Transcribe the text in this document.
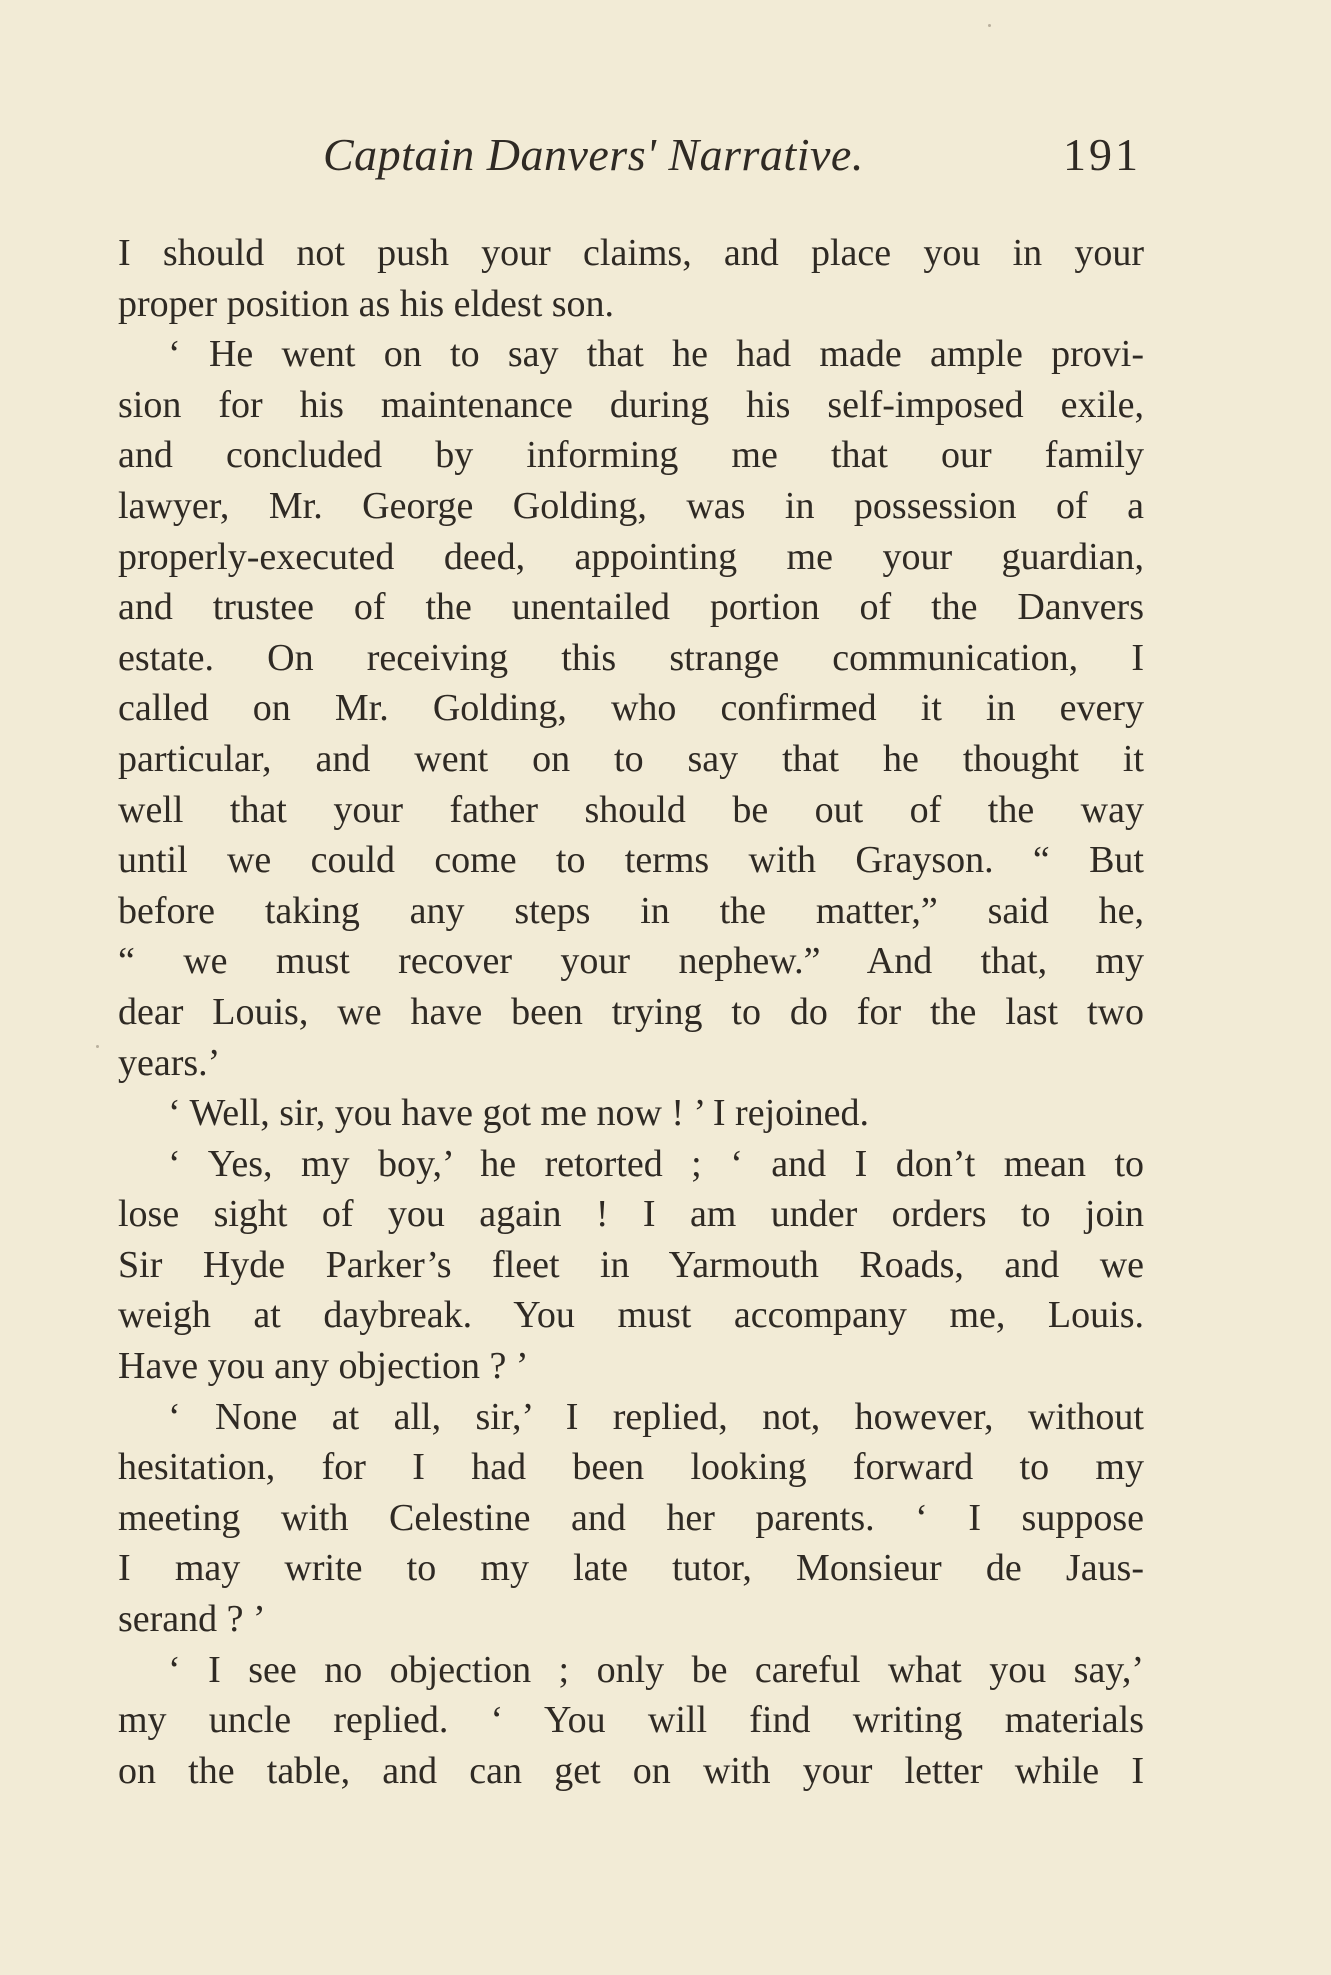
Captain Danvers' Narrative.	191
I should not push your claims, and place you in your
proper position as his eldest son.
‘ He went on to say that he had made ample provi-
sion for his maintenance during his self-imposed exile,
and concluded by informing me that our family
lawyer, Mr. George Golding, was in possession of a
properly-executed deed, appointing me your guardian,
and trustee of the unentailed portion of the Danvers
estate. On receiving this strange communication, I
called on Mr. Golding, who confirmed it in every
particular, and went on to say that he thought it
well that your father should be out of the way
until we could come to terms with Grayson. “ But
before taking any steps in the matter,” said he,
“ we must recover your nephew.” And that, my
dear Louis, we have been trying to do for the last two
years.’
‘ Well, sir, you have got me now ! ’ I rejoined.
‘ Yes, my boy,’ he retorted ; ‘ and I don’t mean to
lose sight of you again ! I am under orders to join
Sir Hyde Parker’s fleet in Yarmouth Roads, and we
weigh at daybreak. You must accompany me, Louis.
Have you any objection ? ’
‘ None at all, sir,’ I replied, not, however, without
hesitation, for I had been looking forward to my
meeting with Celestine and her parents. ‘ I suppose
I may write to my late tutor, Monsieur de Jaus-
serand ? ’
‘ I see no objection ; only be careful what you say,’
my uncle replied. ‘ You will find writing materials
on the table, and can get on with your letter while I
